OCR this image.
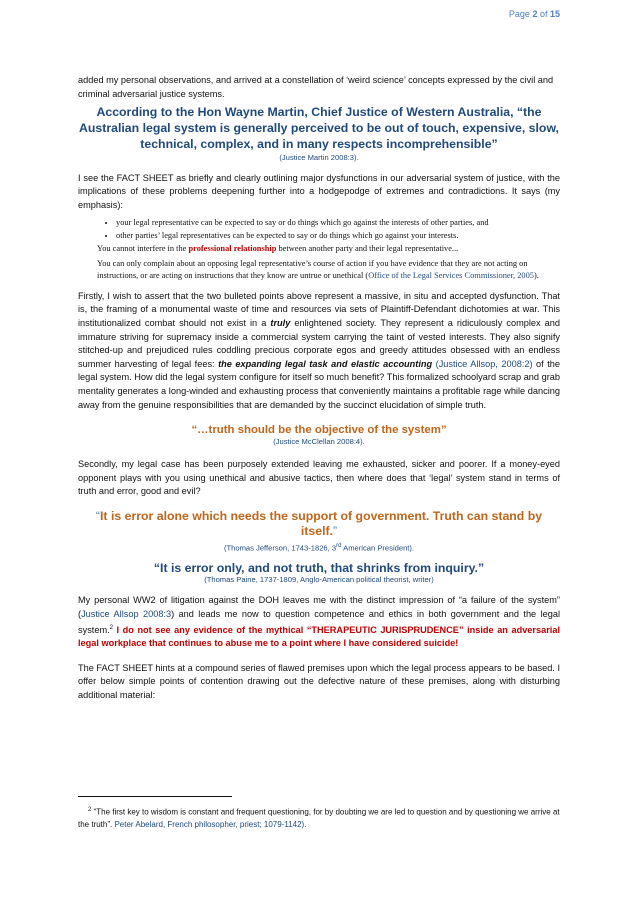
Page 2 of 15

added my personal observations, and arrived at a constellation of ‘weird science’ concepts expressed by the civil and criminal adversarial justice systems.

According to the Hon Wayne Martin, Chief Justice of Western Australia, “the Australian legal system is generally perceived to be out of touch, expensive, slow, technical, complex, and in many respects incomprehensible”

(Justice Martin 2008:3).

I see the FACT SHEET as briefly and clearly outlining major dysfunctions in our adversarial system of justice, with the implications of these problems deepening further into a hodgepodge of extremes and contradictions. It says (my emphasis):

• your legal representative can be expected to say or do things which go against the interests of other parties, and
• other parties’ legal representatives can be expected to say or do things which go against your interests.

You cannot interfere in the professional relationship between another party and their legal representative...

You can only complain about an opposing legal representative’s course of action if you have evidence that they are not acting on instructions, or are acting on instructions that they know are untrue or unethical (Office of the Legal Services Commissioner, 2005).

Firstly, I wish to assert that the two bulleted points above represent a massive, in situ and accepted dysfunction. That is, the framing of a monumental waste of time and resources via sets of Plaintiff-Defendant dichotomies at war. This institutionalized combat should not exist in a truly enlightened society. They represent a ridiculously complex and immature striving for supremacy inside a commercial system carrying the taint of vested interests. They also signify stitched-up and prejudiced rules coddling precious corporate egos and greedy attitudes obsessed with an endless summer harvesting of legal fees: the expanding legal task and elastic accounting (Justice Allsop, 2008:2) of the legal system. How did the legal system configure for itself so much benefit? This formalized schoolyard scrap and grab mentality generates a long-winded and exhausting process that conveniently maintains a profitable rage while dancing away from the genuine responsibilities that are demanded by the succinct elucidation of simple truth.

“…truth should be the objective of the system”

(Justice McClellan 2008:4).

Secondly, my legal case has been purposely extended leaving me exhausted, sicker and poorer. If a money-eyed opponent plays with you using unethical and abusive tactics, then where does that ‘legal’ system stand in terms of truth and error, good and evil?

“It is error alone which needs the support of government. Truth can stand by itself.”

(Thomas Jefferson, 1743-1826, 3rd American President).

“It is error only, and not truth, that shrinks from inquiry.”

(Thomas Paine, 1737-1809, Anglo-American political theorist, writer)

My personal WW2 of litigation against the DOH leaves me with the distinct impression of “a failure of the system” (Justice Allsop 2008:3) and leads me now to question competence and ethics in both government and the legal system.$^2$ I do not see any evidence of the mythical “THERAPEUTIC JURISPRUDENCE” inside an adversarial legal workplace that continues to abuse me to a point where I have considered suicide!

The FACT SHEET hints at a compound series of flawed premises upon which the legal process appears to be based. I offer below simple points of contention drawing out the defective nature of these premises, along with disturbing additional material:

$^2$ “The first key to wisdom is constant and frequent questioning, for by doubting we are led to question and by questioning we arrive at the truth”. Peter Abelard, French philosopher, priest; 1079-1142).
